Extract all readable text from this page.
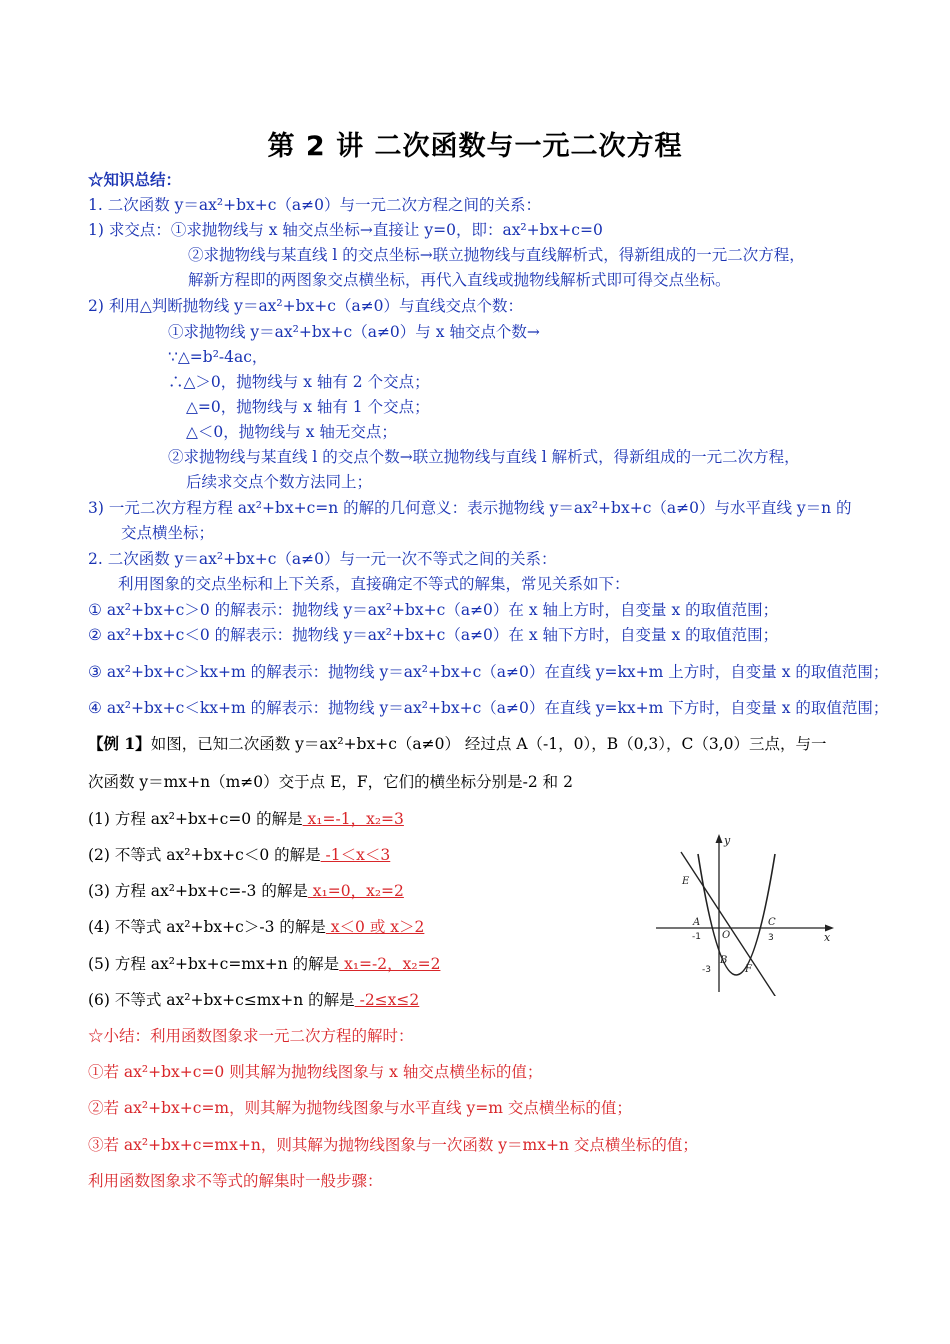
第 2 讲 二次函数与一元二次方程
☆知识总结：
1. 二次函数 y＝ax²+bx+c（a≠0）与一元二次方程之间的关系：
1) 求交点：①求抛物线与 x 轴交点坐标→直接让 y=0，即：ax²+bx+c=0
②求抛物线与某直线 l 的交点坐标→联立抛物线与直线解析式，得新组成的一元二次方程，
解新方程即的两图象交点横坐标，再代入直线或抛物线解析式即可得交点坐标。
2) 利用△判断抛物线 y＝ax²+bx+c（a≠0）与直线交点个数：
①求抛物线 y＝ax²+bx+c（a≠0）与 x 轴交点个数→
∵△=b²-4ac，
∴△＞0，抛物线与 x 轴有 2 个交点；
△=0，抛物线与 x 轴有 1 个交点；
△＜0，抛物线与 x 轴无交点；
②求抛物线与某直线 l 的交点个数→联立抛物线与直线 l 解析式，得新组成的一元二次方程，
后续求交点个数方法同上；
3) 一元二次方程方程 ax²+bx+c=n 的解的几何意义：表示抛物线 y＝ax²+bx+c（a≠0）与水平直线 y＝n 的
交点横坐标；
2. 二次函数 y＝ax²+bx+c（a≠0）与一元一次不等式之间的关系：
利用图象的交点坐标和上下关系，直接确定不等式的解集，常见关系如下：
① ax²+bx+c＞0 的解表示：抛物线 y＝ax²+bx+c（a≠0）在 x 轴上方时，自变量 x 的取值范围；
② ax²+bx+c＜0 的解表示：抛物线 y＝ax²+bx+c（a≠0）在 x 轴下方时，自变量 x 的取值范围；
③ ax²+bx+c＞kx+m 的解表示：抛物线 y＝ax²+bx+c（a≠0）在直线 y=kx+m 上方时，自变量 x 的取值范围；
④ ax²+bx+c＜kx+m 的解表示：抛物线 y＝ax²+bx+c（a≠0）在直线 y=kx+m 下方时，自变量 x 的取值范围；
【例 1】如图，已知二次函数 y＝ax²+bx+c（a≠0） 经过点 A（-1，0），B（0,3），C（3,0）三点，与一
次函数 y＝mx+n（m≠0）交于点 E，F，它们的横坐标分别是-2 和 2
(1) 方程 ax²+bx+c=0 的解是 x₁=-1，x₂=3
(2) 不等式 ax²+bx+c＜0 的解是 -1＜x＜3
(3) 方程 ax²+bx+c=-3 的解是 x₁=0，x₂=2
(4) 不等式 ax²+bx+c＞-3 的解是 x＜0 或 x＞2
(5) 方程 ax²+bx+c=mx+n 的解是 x₁=-2，x₂=2
(6) 不等式 ax²+bx+c≤mx+n 的解是 -2≤x≤2
y
x
E
A	C
O
-1	3
B
-3	F
☆小结：利用函数图象求一元二次方程的解时：
①若 ax²+bx+c=0 则其解为抛物线图象与 x 轴交点横坐标的值；
②若 ax²+bx+c=m，则其解为抛物线图象与水平直线 y=m 交点横坐标的值；
③若 ax²+bx+c=mx+n，则其解为抛物线图象与一次函数 y＝mx+n 交点横坐标的值；
利用函数图象求不等式的解集时一般步骤：
